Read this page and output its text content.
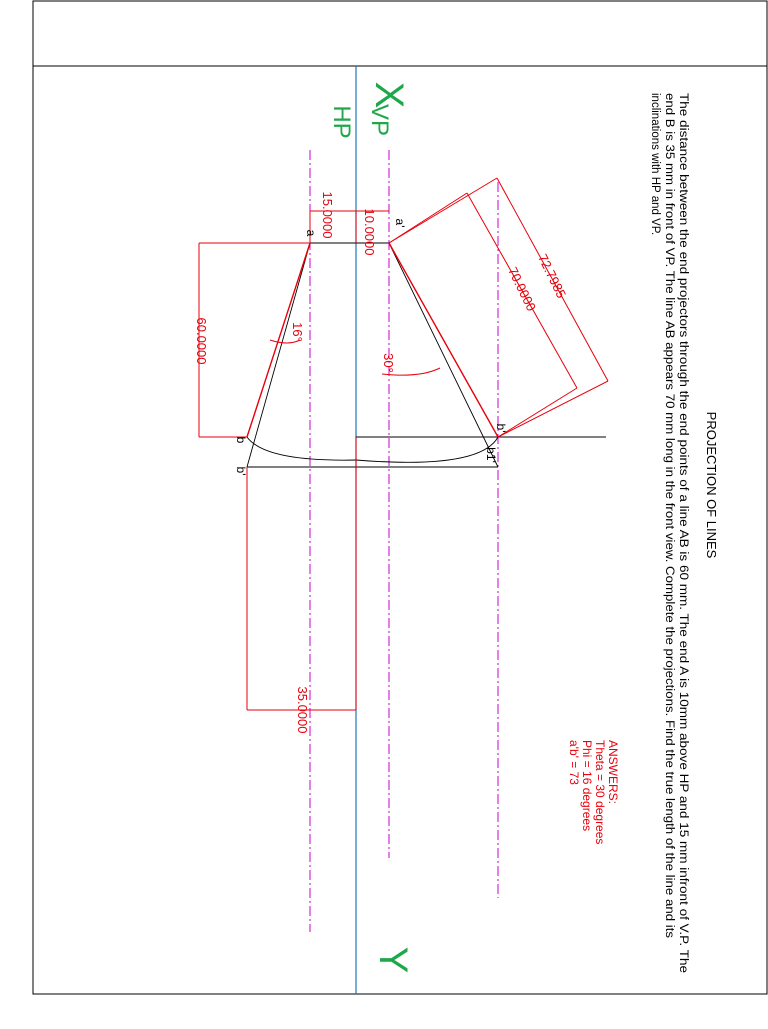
X
Y
VP
HP
10.0000
15.0000
60.0000
35.0000
70.0000
72.7985
30°
16°
a'
a
b'
b1'
b
b'	PROJECTION OF LINES
The distance between the end projectors through the end points of a line AB is 60 mm. The end A is 10mm above HP and 15 mm infront of V.P. The
end B is 35 mm in front of VP. The line AB appears 70 mm long in the front view. Complete the projections. Find the true length of the line and its
inclinations with HP and VP.
ANSWERS:
Theta = 30 degrees
Phi = 16 degrees
a'b' = 73
